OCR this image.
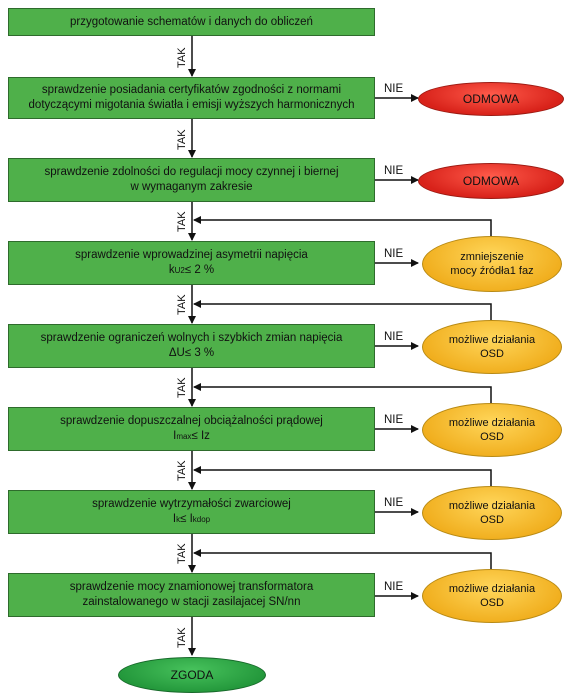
przygotowanie schematów i danych do obliczeń
sprawdzenie posiadania certyfikatów zgodności z normami
dotyczącymi migotania światła i emisji wyższych harmonicznych
sprawdzenie zdolności do regulacji mocy czynnej i biernej
w wymaganym zakresie
sprawdzenie wprowadzinej asymetrii napięcia
kU2≤ 2 %
sprawdzenie ograniczeń wolnych i szybkich zmian napięcia
ΔU≤ 3 %
sprawdzenie dopuszczalnej obciążalności prądowej
Imax≤ Iz
sprawdzenie wytrzymałości zwarciowej
Ik≤ Ikdop
sprawdzenie mocy znamionowej transformatora
zainstalowanego w stacji zasilajacej SN/nn
TAK
TAK
TAK
TAK
TAK
TAK
TAK
TAK
NIE
NIE
NIE
NIE
NIE
NIE
NIE
ODMOWA
ODMOWA
zmniejszenie
mocy źródła1 faz
możliwe działania
OSD
możliwe działania
OSD
możliwe działania
OSD
możliwe działania
OSD
ZGODA
